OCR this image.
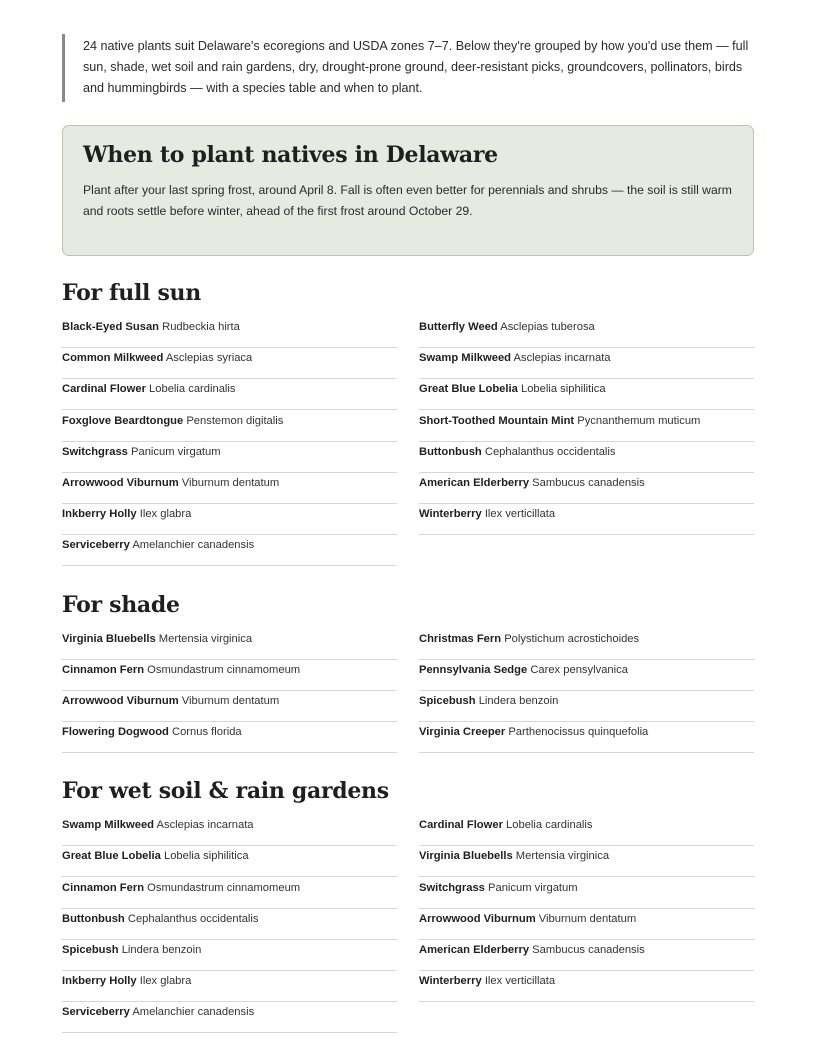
24 native plants suit Delaware's ecoregions and USDA zones 7–7. Below they're grouped by how you'd use them — full sun, shade, wet soil and rain gardens, dry, drought-prone ground, deer-resistant picks, groundcovers, pollinators, birds and hummingbirds — with a species table and when to plant.

When to plant natives in Delaware

Plant after your last spring frost, around April 8. Fall is often even better for perennials and shrubs — the soil is still warm and roots settle before winter, ahead of the first frost around October 29.

For full sun
Black-Eyed Susan Rudbeckia hirta
Common Milkweed Asclepias syriaca
Cardinal Flower Lobelia cardinalis
Foxglove Beardtongue Penstemon digitalis
Switchgrass Panicum virgatum
Arrowwood Viburnum Viburnum dentatum
Inkberry Holly Ilex glabra
Serviceberry Amelanchier canadensis
Butterfly Weed Asclepias tuberosa
Swamp Milkweed Asclepias incarnata
Great Blue Lobelia Lobelia siphilitica
Short-Toothed Mountain Mint Pycnanthemum muticum
Buttonbush Cephalanthus occidentalis
American Elderberry Sambucus canadensis
Winterberry Ilex verticillata
For shade
Virginia Bluebells Mertensia virginica
Cinnamon Fern Osmundastrum cinnamomeum
Arrowwood Viburnum Viburnum dentatum
Flowering Dogwood Cornus florida
Christmas Fern Polystichum acrostichoides
Pennsylvania Sedge Carex pensylvanica
Spicebush Lindera benzoin
Virginia Creeper Parthenocissus quinquefolia
For wet soil & rain gardens
Swamp Milkweed Asclepias incarnata
Great Blue Lobelia Lobelia siphilitica
Cinnamon Fern Osmundastrum cinnamomeum
Buttonbush Cephalanthus occidentalis
Spicebush Lindera benzoin
Inkberry Holly Ilex glabra
Serviceberry Amelanchier canadensis
Cardinal Flower Lobelia cardinalis
Virginia Bluebells Mertensia virginica
Switchgrass Panicum virgatum
Arrowwood Viburnum Viburnum dentatum
American Elderberry Sambucus canadensis
Winterberry Ilex verticillata
